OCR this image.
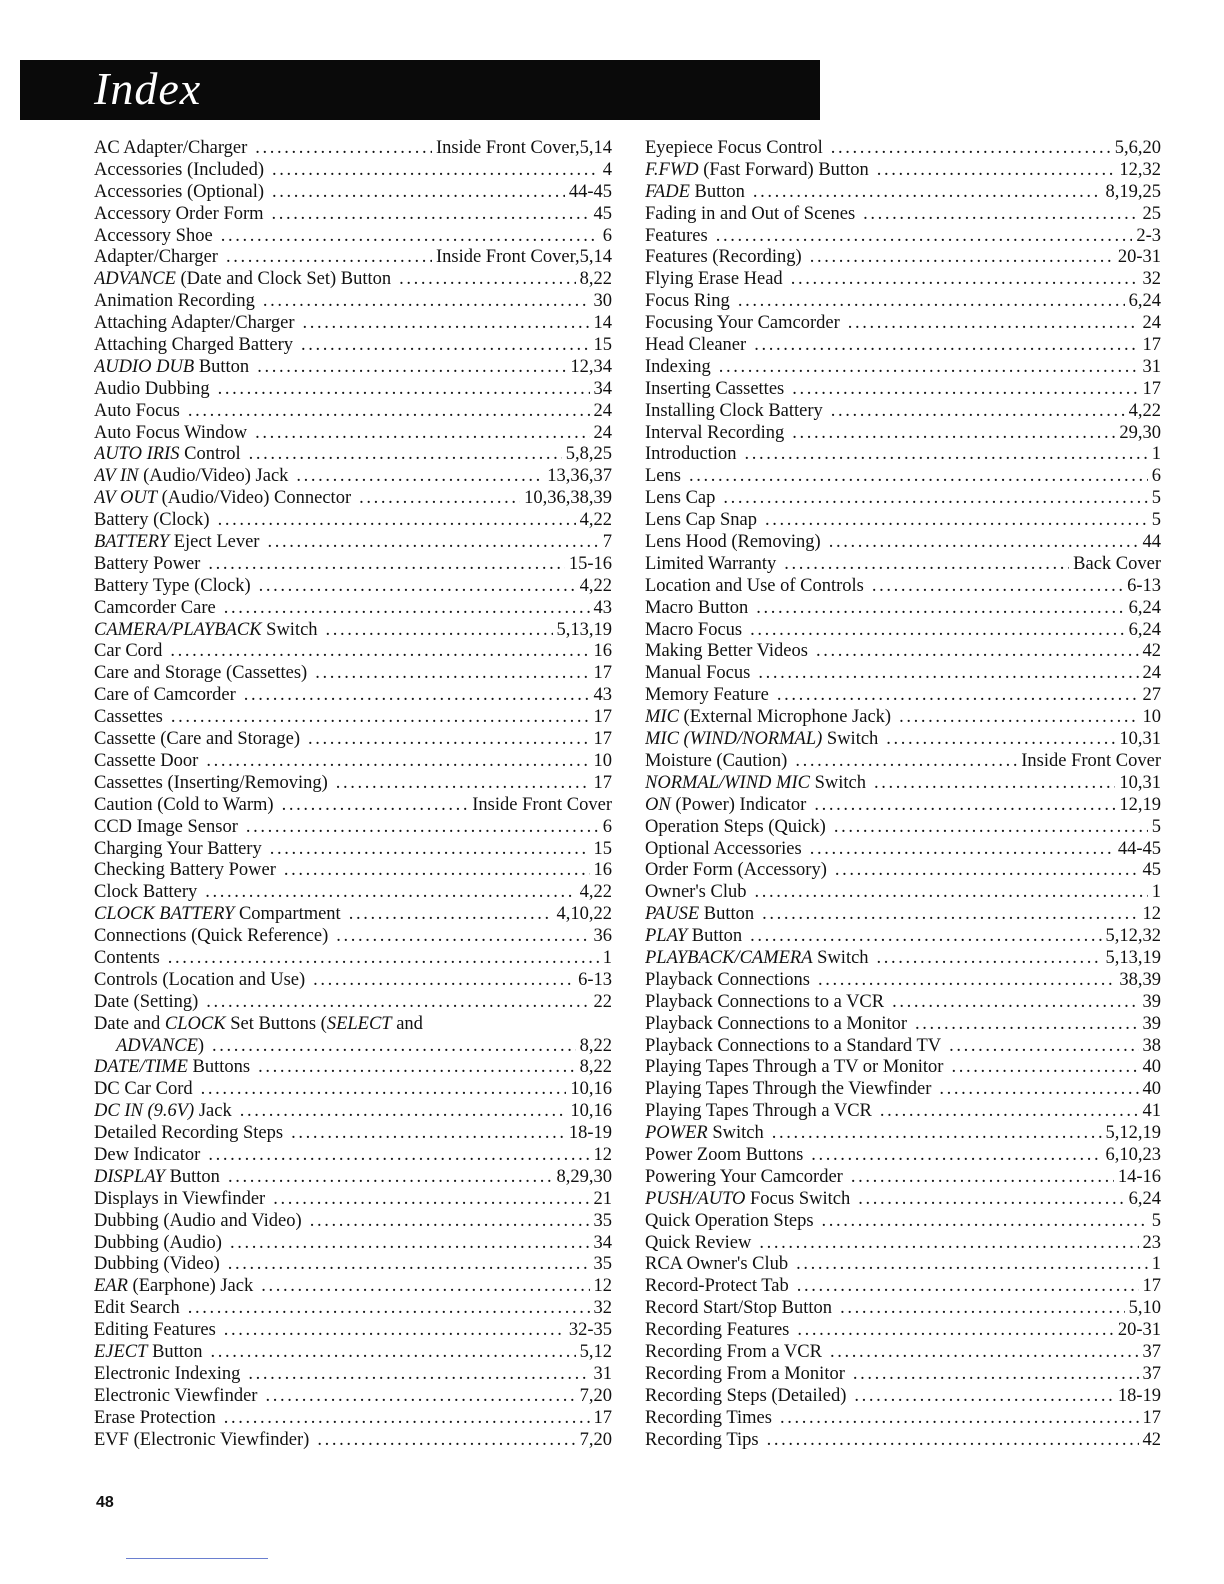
Index
AC Adapter/Charger . . .	Inside Front Cover,5,14
Accessories (Included) . . .	4
Accessories (Optional) . . .	44-45
Accessory Order Form . . .	45
Accessory Shoe . . .	6
Adapter/Charger . . .	Inside Front Cover,5,14
ADVANCE (Date and Clock Set) Button . . .	8,22
Animation Recording . . .	30
Attaching Adapter/Charger . . .	14
Attaching Charged Battery . . .	15
AUDIO DUB Button . . .	12,34
Audio Dubbing . . .	34
Auto Focus . . .	24
Auto Focus Window . . .	24
AUTO IRIS Control . . .	5,8,25
AV IN (Audio/Video) Jack . . .	13,36,37
AV OUT (Audio/Video) Connector . . .	10,36,38,39
Battery (Clock) . . .	4,22
BATTERY Eject Lever . . .	7
Battery Power . . .	15-16
Battery Type (Clock) . . .	4,22
Camcorder Care . . .	43
CAMERA/PLAYBACK Switch . . .	5,13,19
Car Cord . . .	16
Care and Storage (Cassettes) . . .	17
Care of Camcorder . . .	43
Cassettes . . .	17
Cassette (Care and Storage) . . .	17
Cassette Door . . .	10
Cassettes (Inserting/Removing) . . .	17
Caution (Cold to Warm) . . .	Inside Front Cover
CCD Image Sensor . . .	6
Charging Your Battery . . .	15
Checking Battery Power . . .	16
Clock Battery . . .	4,22
CLOCK BATTERY Compartment . . .	4,10,22
Connections (Quick Reference) . . .	36
Contents . . .	1
Controls (Location and Use) . . .	6-13
Date (Setting) . . .	22
Date and CLOCK Set Buttons (SELECT and
ADVANCE) . . .	8,22
DATE/TIME Buttons . . .	8,22
DC Car Cord . . .	10,16
DC IN (9.6V) Jack . . .	10,16
Detailed Recording Steps . . .	18-19
Dew Indicator . . .	12
DISPLAY Button . . .	8,29,30
Displays in Viewfinder . . .	21
Dubbing (Audio and Video) . . .	35
Dubbing (Audio) . . .	34
Dubbing (Video) . . .	35
EAR (Earphone) Jack . . .	12
Edit Search . . .	32
Editing Features . . .	32-35
EJECT Button . . .	5,12
Electronic Indexing . . .	31
Electronic Viewfinder . . .	7,20
Erase Protection . . .	17
EVF (Electronic Viewfinder) . . .	7,20
Eyepiece Focus Control . . .	5,6,20
F.FWD (Fast Forward) Button . . .	12,32
FADE Button . . .	8,19,25
Fading in and Out of Scenes . . .	25
Features . . .	2-3
Features (Recording) . . .	20-31
Flying Erase Head . . .	32
Focus Ring . . .	6,24
Focusing Your Camcorder . . .	24
Head Cleaner . . .	17
Indexing . . .	31
Inserting Cassettes . . .	17
Installing Clock Battery . . .	4,22
Interval Recording . . .	29,30
Introduction . . .	1
Lens . . .	6
Lens Cap . . .	5
Lens Cap Snap . . .	5
Lens Hood (Removing) . . .	44
Limited Warranty . . .	Back Cover
Location and Use of Controls . . .	6-13
Macro Button . . .	6,24
Macro Focus . . .	6,24
Making Better Videos . . .	42
Manual Focus . . .	24
Memory Feature . . .	27
MIC (External Microphone Jack) . . .	10
MIC (WIND/NORMAL) Switch . . .	10,31
Moisture (Caution) . . .	Inside Front Cover
NORMAL/WIND MIC Switch . . .	10,31
ON (Power) Indicator . . .	12,19
Operation Steps (Quick) . . .	5
Optional Accessories . . .	44-45
Order Form (Accessory) . . .	45
Owner's Club . . .	1
PAUSE Button . . .	12
PLAY Button . . .	5,12,32
PLAYBACK/CAMERA Switch . . .	5,13,19
Playback Connections . . .	38,39
Playback Connections to a VCR . . .	39
Playback Connections to a Monitor . . .	39
Playback Connections to a Standard TV . . .	38
Playing Tapes Through a TV or Monitor . . .	40
Playing Tapes Through the Viewfinder . . .	40
Playing Tapes Through a VCR . . .	41
POWER Switch . . .	5,12,19
Power Zoom Buttons . . .	6,10,23
Powering Your Camcorder . . .	14-16
PUSH/AUTO Focus Switch . . .	6,24
Quick Operation Steps . . .	5
Quick Review . . .	23
RCA Owner's Club . . .	1
Record-Protect Tab . . .	17
Record Start/Stop Button . . .	5,10
Recording Features . . .	20-31
Recording From a VCR . . .	37
Recording From a Monitor . . .	37
Recording Steps (Detailed) . . .	18-19
Recording Times . . .	17
Recording Tips . . .	42
48
